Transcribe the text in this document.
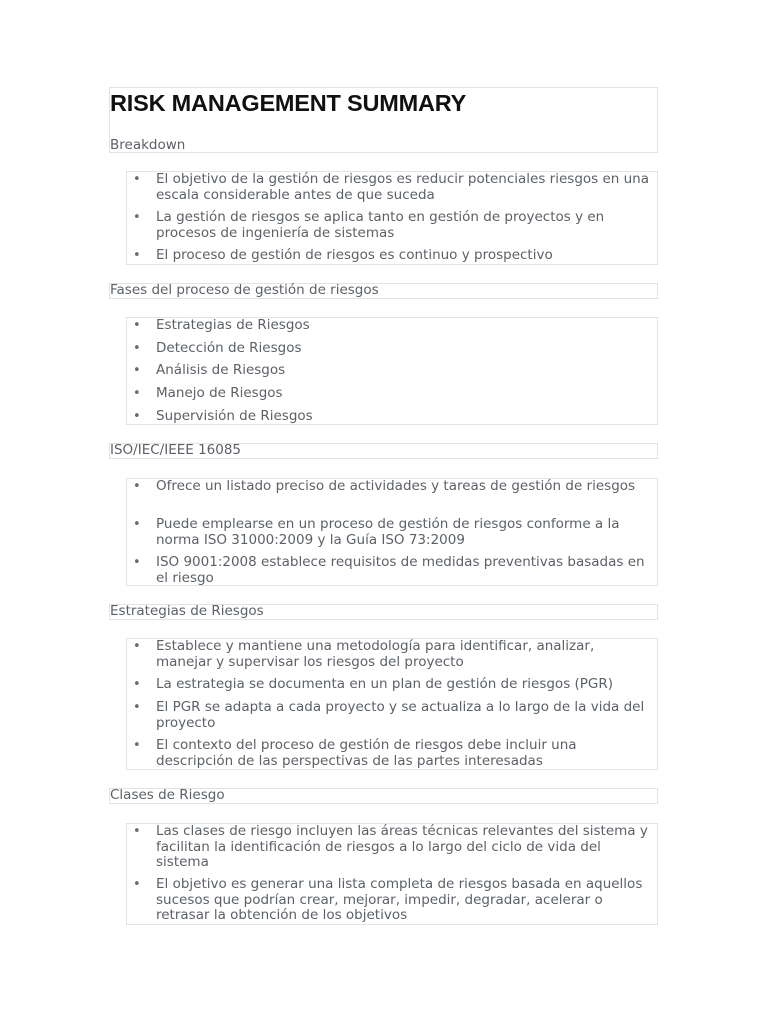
RISK MANAGEMENT SUMMARY
Breakdown
• El objetivo de la gestión de riesgos es reducir potenciales riesgos en una escala considerable antes de que suceda
• La gestión de riesgos se aplica tanto en gestión de proyectos y en procesos de ingeniería de sistemas
• El proceso de gestión de riesgos es continuo y prospectivo
Fases del proceso de gestión de riesgos
• Estrategias de Riesgos
• Detección de Riesgos
• Análisis de Riesgos
• Manejo de Riesgos
• Supervisión de Riesgos
ISO/IEC/IEEE 16085
• Ofrece un listado preciso de actividades y tareas de gestión de riesgos
• Puede emplearse en un proceso de gestión de riesgos conforme a la norma ISO 31000:2009 y la Guía ISO 73:2009
• ISO 9001:2008 establece requisitos de medidas preventivas basadas en el riesgo
Estrategias de Riesgos
• Establece y mantiene una metodología para identificar, analizar, manejar y supervisar los riesgos del proyecto
• La estrategia se documenta en un plan de gestión de riesgos (PGR)
• El PGR se adapta a cada proyecto y se actualiza a lo largo de la vida del proyecto
• El contexto del proceso de gestión de riesgos debe incluir una descripción de las perspectivas de las partes interesadas
Clases de Riesgo
• Las clases de riesgo incluyen las áreas técnicas relevantes del sistema y facilitan la identificación de riesgos a lo largo del ciclo de vida del sistema
• El objetivo es generar una lista completa de riesgos basada en aquellos sucesos que podrían crear, mejorar, impedir, degradar, acelerar o retrasar la obtención de los objetivos
